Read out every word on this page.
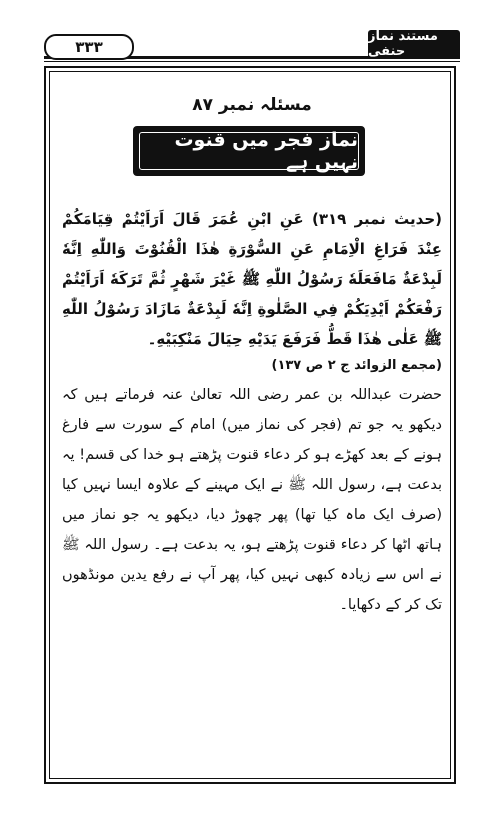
۳۳۳
مستند نماز حنفی
مسئلہ نمبر ۸۷
نماز فجر میں قنوت نہیں ہے
(حدیث نمبر ۳۱۹) عَنِ ابْنِ عُمَرَ قَالَ اَرَاَيْتُمْ قِيَامَكُمْ عِنْدَ فَرَاغِ الْاِمَامِ عَنِ السُّوْرَةِ هٰذَا الْقُنُوْتَ وَاللّٰهِ اِنَّهٗ لَبِدْعَةٌ مَافَعَلَهٗ رَسُوْلُ اللّٰهِ ﷺ غَيْرَ شَهْرٍ ثُمَّ تَرَكَهٗ اَرَاَيْتُمْ رَفْعَكُمْ اَيْدِيَكُمْ فِي الصَّلٰوةِ اِنَّهٗ لَبِدْعَةٌ مَازَادَ رَسُوْلُ اللّٰهِ ﷺ عَلٰى هٰذَا قَطُّ فَرَفَعَ يَدَيْهِ حِيَالَ مَنْكِبَيْهِ۔
(مجمع الزوائد ج ۲ ص ۱۳۷)
حضرت عبداللہ بن عمر رضی اللہ تعالیٰ عنہ فرماتے ہیں کہ دیکھو یہ جو تم (فجر کی نماز میں) امام کے سورت سے فارغ ہونے کے بعد کھڑے ہو کر دعاء قنوت پڑھتے ہو خدا کی قسم! یہ بدعت ہے، رسول اللہ ﷺ نے ایک مہینے کے علاوہ ایسا نہیں کیا (صرف ایک ماہ کیا تھا) پھر چھوڑ دیا، دیکھو یہ جو نماز میں ہاتھ اٹھا کر دعاء قنوت پڑھتے ہو، یہ بدعت ہے۔ رسول اللہ ﷺ نے اس سے زیادہ کبھی نہیں کیا، پھر آپ نے رفع یدین مونڈھوں تک کر کے دکھایا۔
